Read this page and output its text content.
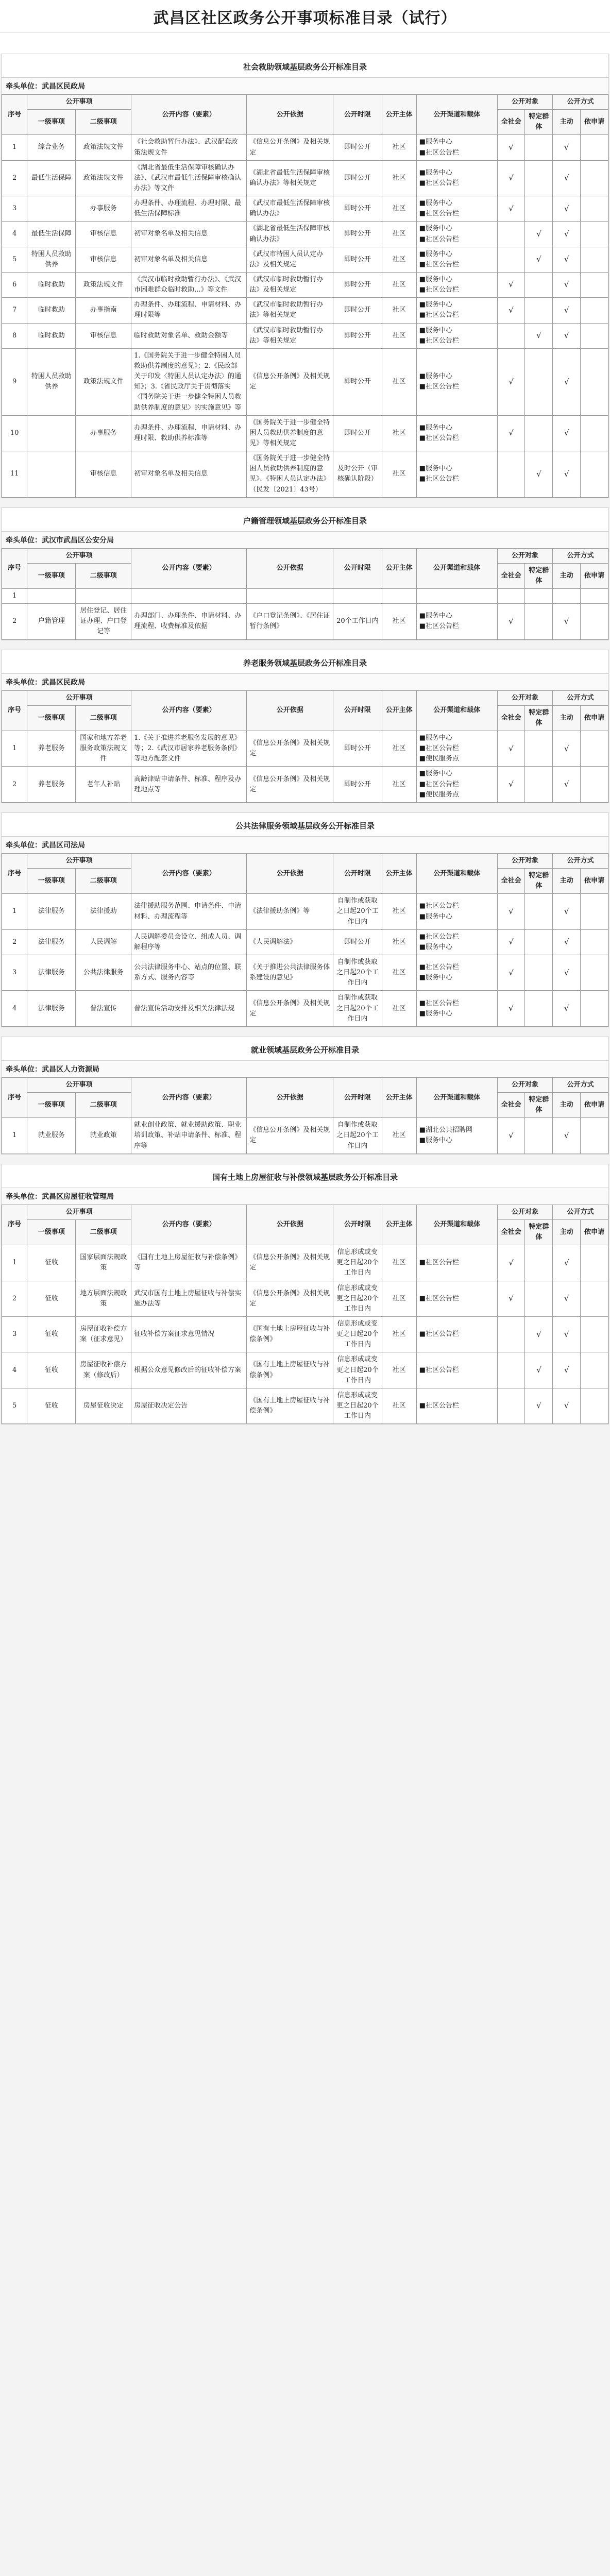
武昌区社区政务公开事项标准目录（试行）
社会救助领域基层政务公开标准目录
牵头单位：武昌区民政局
序号	公开事项		公开内容（要素）	公开依据	公开时限	公开主体	公开渠道和载体	公开对象		公开方式	
	一级事项	二级事项						全社会	特定群体	主动	依申请
1	综合业务	政策法规文件	《社会救助暂行办法》、武汉配套政策法规文件	《信息公开条例》及相关规定	即时公开	社区	■服务中心
■社区公告栏	√		√	
2	最低生活保障	政策法规文件	《湖北省最低生活保障审核确认办法》、《武汉市最低生活保障审核确认办法》等文件	《湖北省最低生活保障审核确认办法》等相关规定	即时公开	社区	■服务中心
■社区公告栏	√		√	
3		办事服务	办理条件、办理流程、办理时限、最低生活保障标准	《武汉市最低生活保障审核确认办法》	即时公开	社区	■服务中心
■社区公告栏	√		√	
4	最低生活保障	审核信息	初审对象名单及相关信息	《湖北省最低生活保障审核确认办法》	即时公开	社区	■服务中心
■社区公告栏		√	√	
5	特困人员救助供养	审核信息	初审对象名单及相关信息	《武汉市特困人员认定办法》及相关规定	即时公开	社区	■服务中心
■社区公告栏		√	√	
6	临时救助	政策法规文件	《武汉市临时救助暂行办法》、《武汉市困难群众临时救助...》等文件	《武汉市临时救助暂行办法》及相关规定	即时公开	社区	■服务中心
■社区公告栏	√		√	
7	临时救助	办事指南	办理条件、办理流程、申请材料、办理时限等	《武汉市临时救助暂行办法》等相关规定	即时公开	社区	■服务中心
■社区公告栏	√		√	
8	临时救助	审核信息	临时救助对象名单、救助金额等	《武汉市临时救助暂行办法》等相关规定	即时公开	社区	■服务中心
■社区公告栏		√	√	
9	特困人员救助供养	政策法规文件	1.《国务院关于进一步健全特困人员救助供养制度的意见》；2.《民政部关于印发〈特困人员认定办法〉的通知》；3.《省民政厅关于贯彻落实〈国务院关于进一步健全特困人员救助供养制度的意见〉的实施意见》等	《信息公开条例》及相关规定	即时公开	社区	■服务中心
■社区公告栏	√		√	
10		办事服务	办理条件、办理流程、申请材料、办理时限、救助供养标准等	《国务院关于进一步健全特困人员救助供养制度的意见》等相关规定	即时公开	社区	■服务中心
■社区公告栏	√		√	
11		审核信息	初审对象名单及相关信息	《国务院关于进一步健全特困人员救助供养制度的意见》、《特困人员认定办法》（民发〔2021〕43号）	及时公开（审核确认阶段）	社区	■服务中心
■社区公告栏		√	√	
户籍管理领域基层政务公开标准目录
牵头单位：武汉市武昌区公安分局
序号	公开事项		公开内容（要素）	公开依据	公开时限	公开主体	公开渠道和载体	公开对象		公开方式	
	一级事项	二级事项						全社会	特定群体	主动	依申请
1											
2	户籍管理	居住登记、居住证办理、户口登记等	办理部门、办理条件、申请材料、办理流程、收费标准及依据	《户口登记条例》、《居住证暂行条例》	20个工作日内	社区	■服务中心
■社区公告栏	√		√	
养老服务领域基层政务公开标准目录
牵头单位：武昌区民政局
序号	公开事项		公开内容（要素）	公开依据	公开时限	公开主体	公开渠道和载体	公开对象		公开方式	
	一级事项	二级事项						全社会	特定群体	主动	依申请
1	养老服务	国家和地方养老服务政策法规文件	1.《关于推进养老服务发展的意见》等；2.《武汉市居家养老服务条例》等地方配套文件	《信息公开条例》及相关规定	即时公开	社区	■服务中心
■社区公告栏
■便民服务点	√		√	
2	养老服务	老年人补贴	高龄津贴申请条件、标准、程序及办理地点等	《信息公开条例》及相关规定	即时公开	社区	■服务中心
■社区公告栏
■便民服务点	√		√	
公共法律服务领域基层政务公开标准目录
牵头单位：武昌区司法局
序号	公开事项		公开内容（要素）	公开依据	公开时限	公开主体	公开渠道和载体	公开对象		公开方式	
	一级事项	二级事项						全社会	特定群体	主动	依申请
1	法律服务	法律援助	法律援助服务范围、申请条件、申请材料、办理流程等	《法律援助条例》等	自制作或获取之日起20个工作日内	社区	■社区公告栏
■服务中心	√		√	
2	法律服务	人民调解	人民调解委员会设立、组成人员、调解程序等	《人民调解法》	即时公开	社区	■社区公告栏
■服务中心	√		√	
3	法律服务	公共法律服务	公共法律服务中心、站点的位置、联系方式、服务内容等	《关于推进公共法律服务体系建设的意见》	自制作或获取之日起20个工作日内	社区	■社区公告栏
■服务中心	√		√	
4	法律服务	普法宣传	普法宣传活动安排及相关法律法规	《信息公开条例》及相关规定	自制作或获取之日起20个工作日内	社区	■社区公告栏
■服务中心	√		√	
就业领域基层政务公开标准目录
牵头单位：武昌区人力资源局
序号	公开事项		公开内容（要素）	公开依据	公开时限	公开主体	公开渠道和载体	公开对象		公开方式	
	一级事项	二级事项						全社会	特定群体	主动	依申请
1	就业服务	就业政策	就业创业政策、就业援助政策、职业培训政策、补贴申请条件、标准、程序等	《信息公开条例》及相关规定	自制作或获取之日起20个工作日内	社区	■湖北公共招聘网
■服务中心	√		√	
国有土地上房屋征收与补偿领域基层政务公开标准目录
牵头单位：武昌区房屋征收管理局
序号	公开事项		公开内容（要素）	公开依据	公开时限	公开主体	公开渠道和载体	公开对象		公开方式	
	一级事项	二级事项						全社会	特定群体	主动	依申请
1	征收	国家层面法规政策	《国有土地上房屋征收与补偿条例》等	《信息公开条例》及相关规定	信息形成或变更之日起20个工作日内	社区	■社区公告栏	√		√	
2	征收	地方层面法规政策	武汉市国有土地上房屋征收与补偿实施办法等	《信息公开条例》及相关规定	信息形成或变更之日起20个工作日内	社区	■社区公告栏	√		√	
3	征收	房屋征收补偿方案（征求意见）	征收补偿方案征求意见情况	《国有土地上房屋征收与补偿条例》	信息形成或变更之日起20个工作日内	社区	■社区公告栏		√	√	
4	征收	房屋征收补偿方案（修改后）	根据公众意见修改后的征收补偿方案	《国有土地上房屋征收与补偿条例》	信息形成或变更之日起20个工作日内	社区	■社区公告栏		√	√	
5	征收	房屋征收决定	房屋征收决定公告	《国有土地上房屋征收与补偿条例》	信息形成或变更之日起20个工作日内	社区	■社区公告栏		√	√	
